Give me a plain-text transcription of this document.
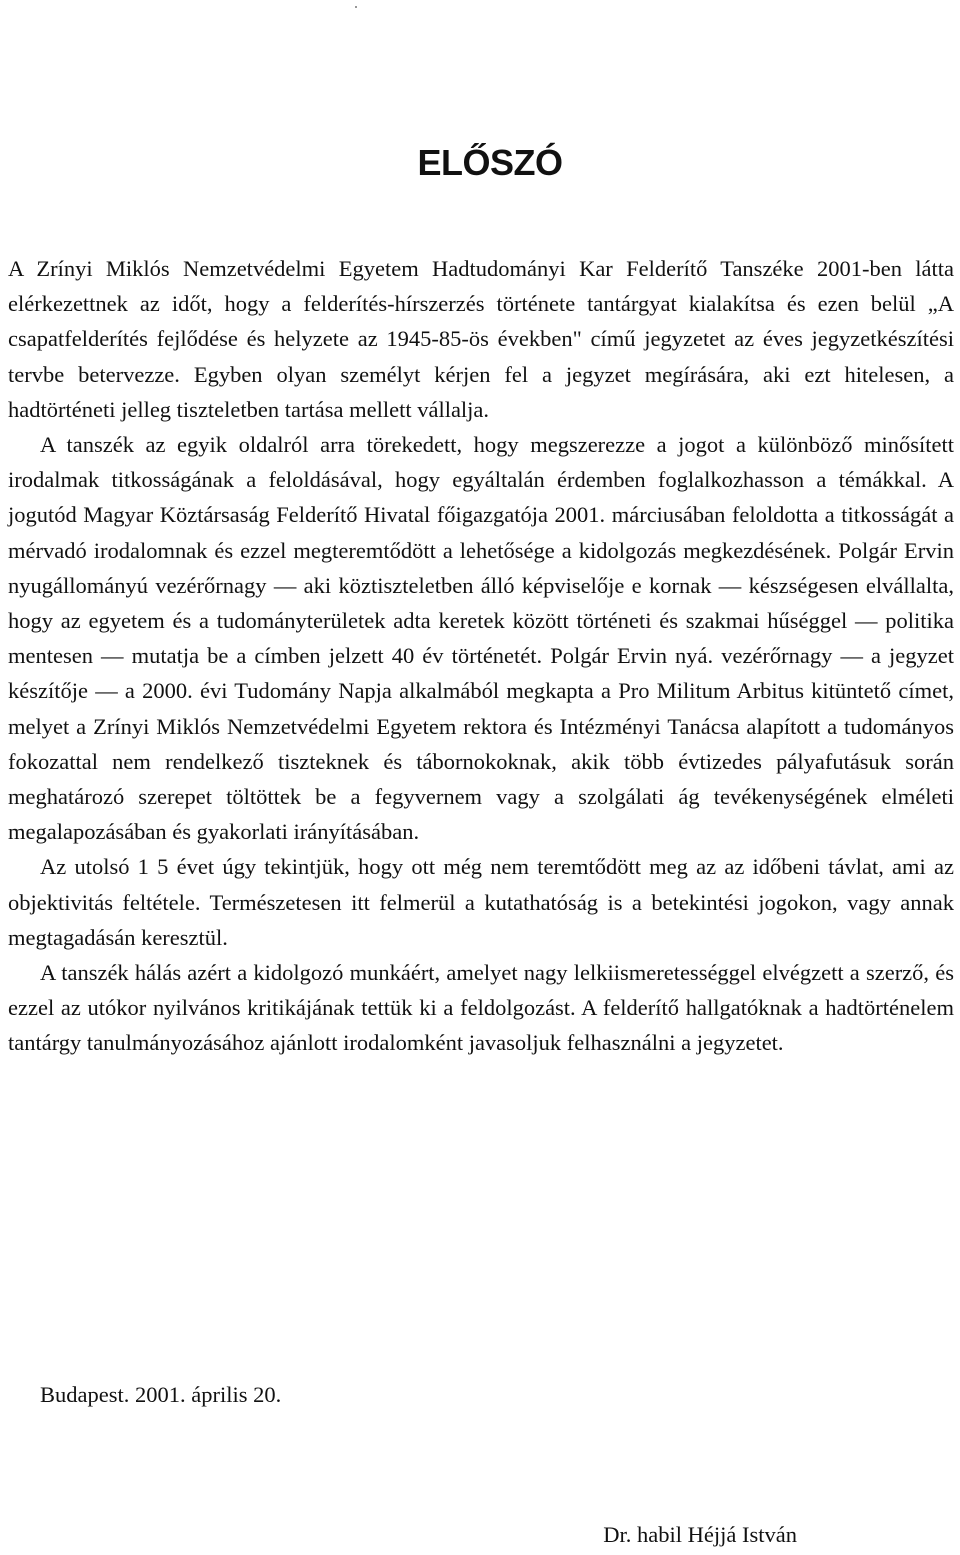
ELŐSZÓ

A Zrínyi Miklós Nemzetvédelmi Egyetem Hadtudományi Kar Felderítő Tanszéke 2001-ben látta elérkezettnek az időt, hogy a felderítés-hírszerzés története tantárgyat kialakítsa és ezen belül „A csapatfelderítés fejlődése és helyzete az 1945-85-ös években" című jegyzetet az éves jegyzetkészítési tervbe betervezze. Egyben olyan személyt kérjen fel a jegyzet megírására, aki ezt hitelesen, a hadtörténeti jelleg tiszteletben tartása mellett vállalja.

A tanszék az egyik oldalról arra törekedett, hogy megszerezze a jogot a különböző minősített irodalmak titkosságának a feloldásával, hogy egyáltalán érdemben foglalkozhasson a témákkal. A jogutód Magyar Köztársaság Felderítő Hivatal főigazgatója 2001. márciusában feloldotta a titkosságát a mérvadó irodalomnak és ezzel megteremtődött a lehetősége a kidolgozás megkezdésének. Polgár Ervin nyugállományú vezérőrnagy — aki köztiszteletben álló képviselője e kornak — készségesen elvállalta, hogy az egyetem és a tudományterületek adta keretek között történeti és szakmai hűséggel — politika mentesen — mutatja be a címben jelzett 40 év történetét. Polgár Ervin nyá. vezérőrnagy — a jegyzet készítője — a 2000. évi Tudomány Napja alkalmából megkapta a Pro Militum Arbitus kitüntető címet, melyet a Zrínyi Miklós Nemzetvédelmi Egyetem rektora és Intézményi Tanácsa alapított a tudományos fokozattal nem rendelkező tiszteknek és tábornokoknak, akik több évtizedes pályafutásuk során meghatározó szerepet töltöttek be a fegyvernem vagy a szolgálati ág tevékenységének elméleti megalapozásában és gyakorlati irányításában.

Az utolsó 1 5 évet úgy tekintjük, hogy ott még nem teremtődött meg az az időbeni távlat, ami az objektivitás feltétele. Természetesen itt felmerül a kutathatóság is a betekintési jogokon, vagy annak megtagadásán keresztül.

A tanszék hálás azért a kidolgozó munkáért, amelyet nagy lelkiismeretességgel elvégzett a szerző, és ezzel az utókor nyilvános kritikájának tettük ki a feldolgozást. A felderítő hallgatóknak a hadtörténelem tantárgy tanulmányozásához ajánlott irodalomként javasoljuk felhasználni a jegyzetet.

Budapest. 2001. április 20.

Dr. habil Héjjá István
